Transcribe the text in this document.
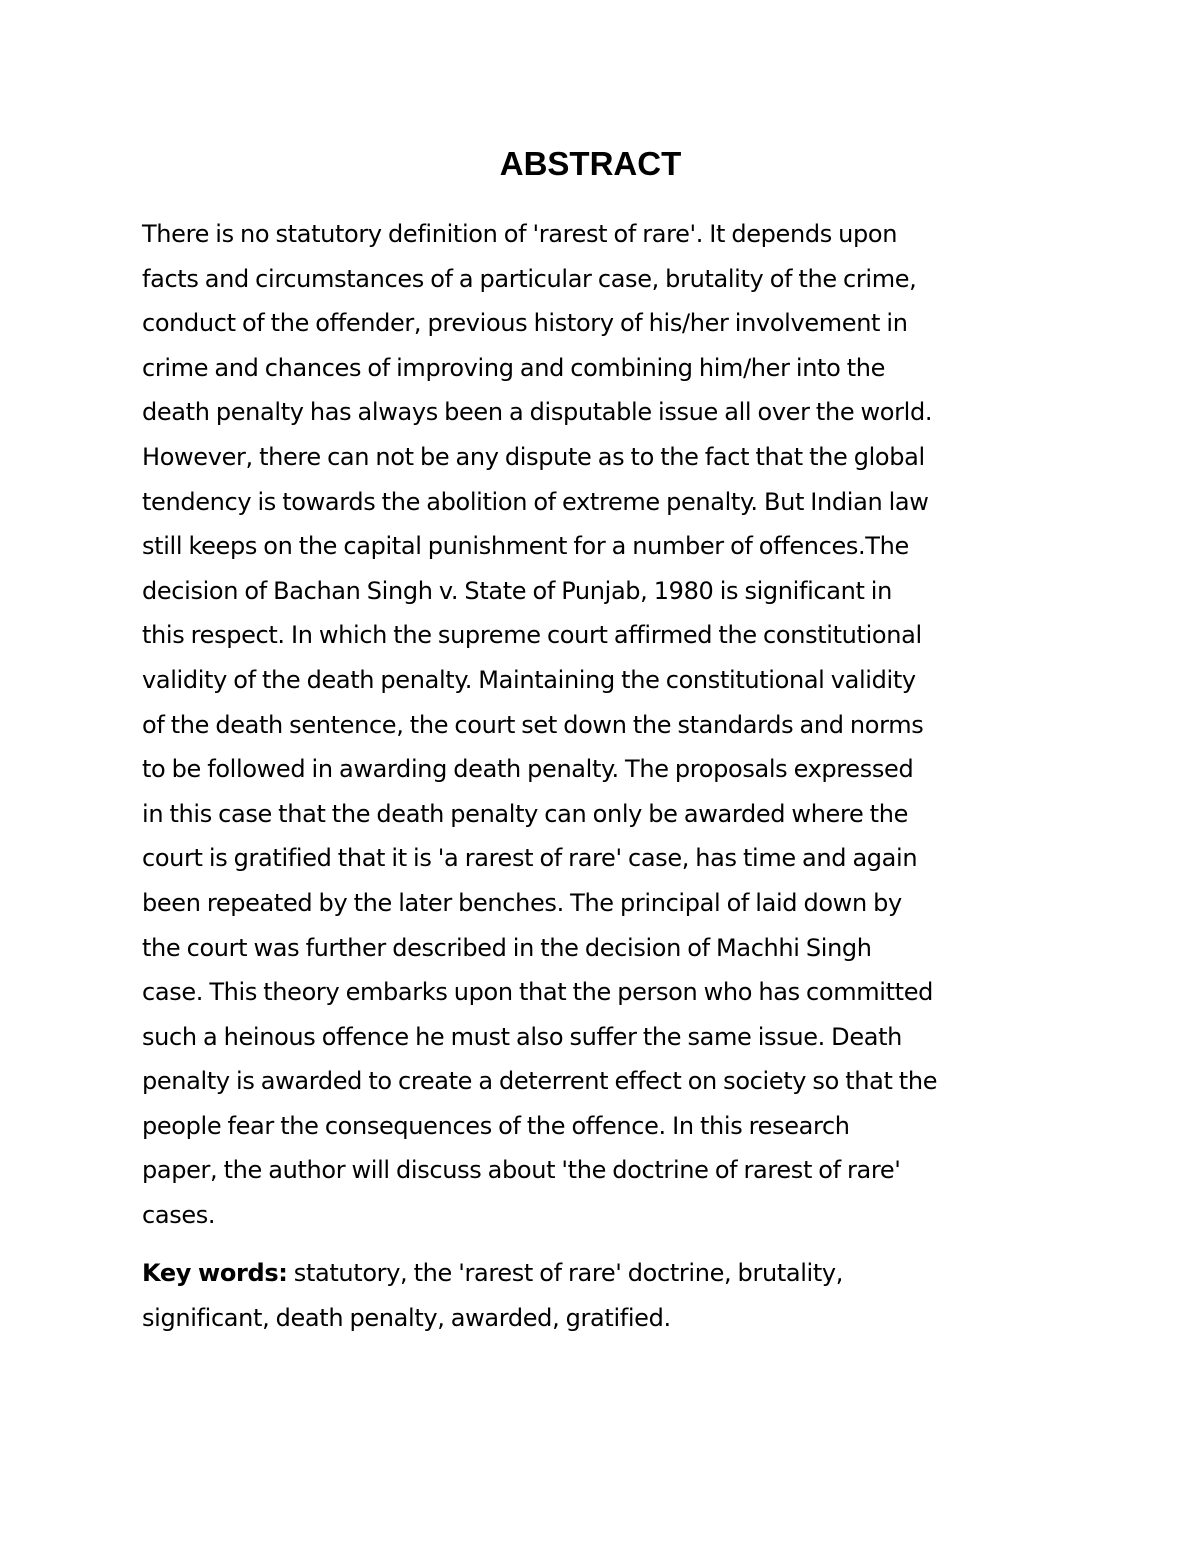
ABSTRACT
There is no statutory definition of 'rarest of rare'. It depends upon
facts and circumstances of a particular case, brutality of the crime,
conduct of the offender, previous history of his/her involvement in
crime and chances of improving and combining him/her into the
death penalty has always been a disputable issue all over the world.
However, there can not be any dispute as to the fact that the global
tendency is towards the abolition of extreme penalty. But Indian law
still keeps on the capital punishment for a number of offences.The
decision of Bachan Singh v. State of Punjab, 1980 is significant in
this respect. In which the supreme court affirmed the constitutional
validity of the death penalty. Maintaining the constitutional validity
of the death sentence, the court set down the standards and norms
to be followed in awarding death penalty. The proposals expressed
in this case that the death penalty can only be awarded where the
court is gratified that it is 'a rarest of rare' case, has time and again
been repeated by the later benches. The principal of laid down by
the court was further described in the decision of Machhi Singh
case. This theory embarks upon that the person who has committed
such a heinous offence he must also suffer the same issue. Death
penalty is awarded to create a deterrent effect on society so that the
people fear the consequences of the offence. In this research
paper, the author will discuss about 'the doctrine of rarest of rare'
cases.
Key words: statutory, the 'rarest of rare' doctrine, brutality,
significant, death penalty, awarded, gratified.
